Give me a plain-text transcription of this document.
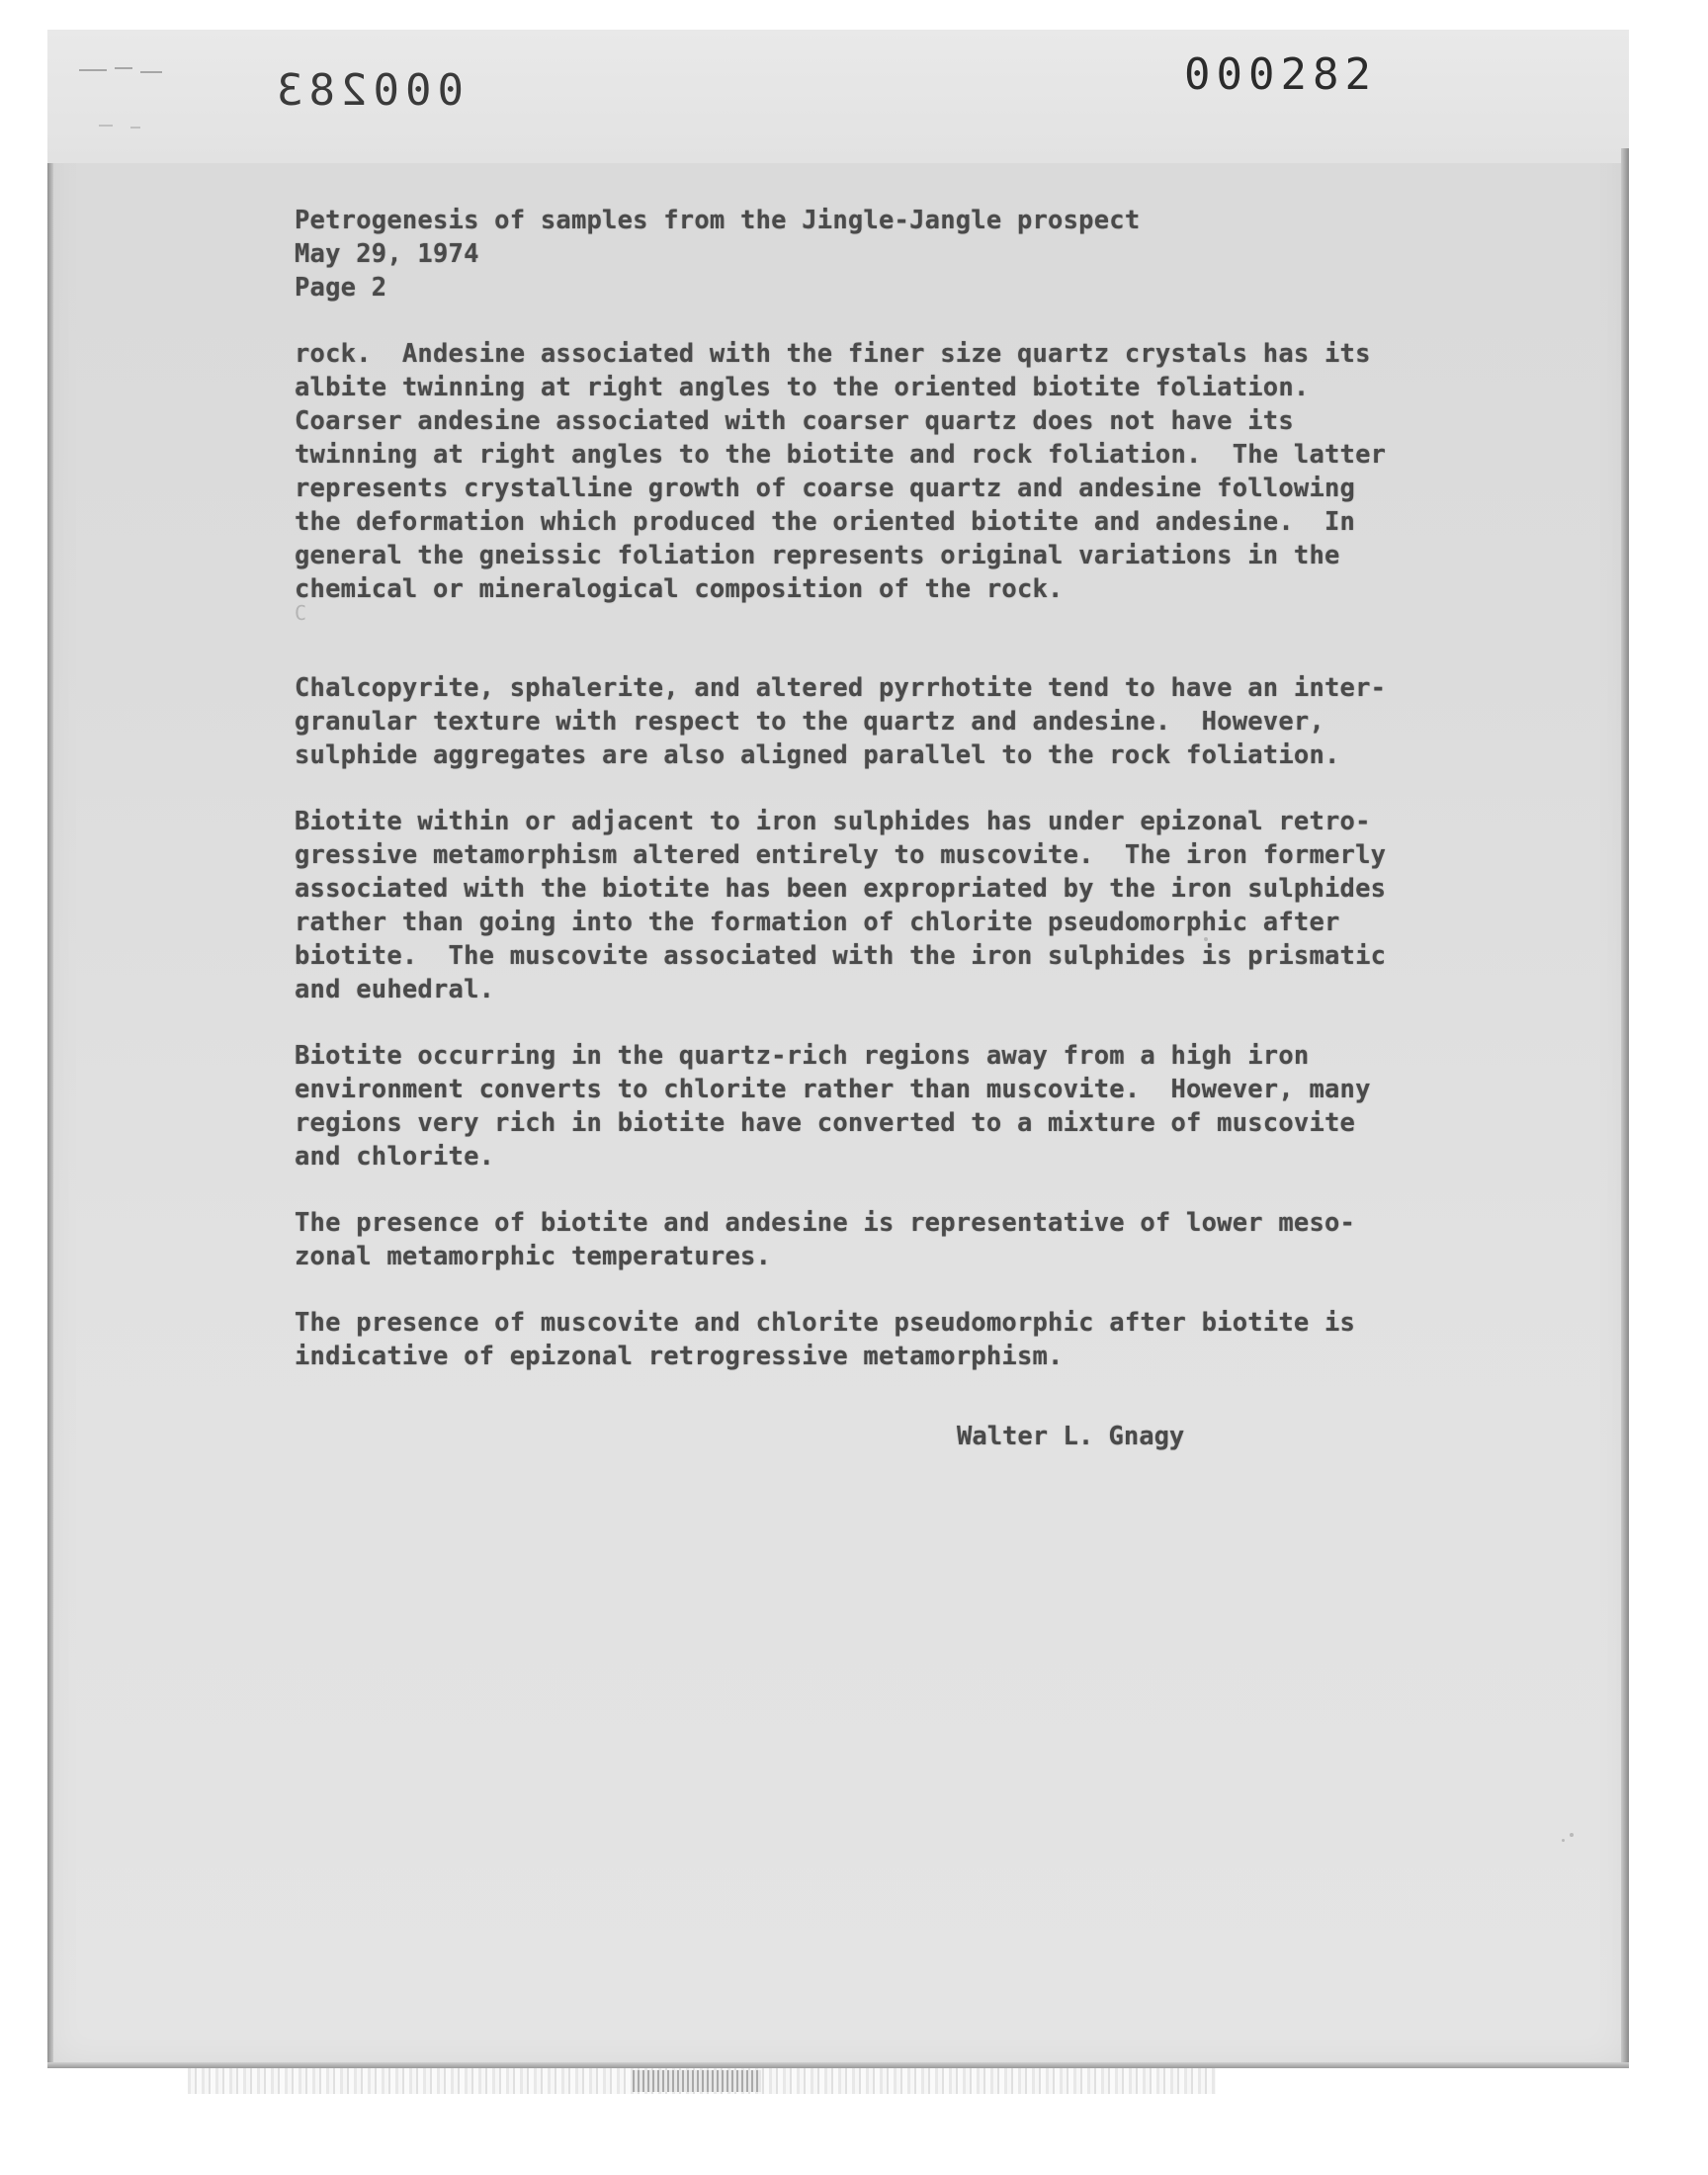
000283	000282
Petrogenesis of samples from the Jingle-Jangle prospect
May 29, 1974
Page 2
rock.  Andesine associated with the finer size quartz crystals has its
albite twinning at right angles to the oriented biotite foliation.
Coarser andesine associated with coarser quartz does not have its
twinning at right angles to the biotite and rock foliation.  The latter
represents crystalline growth of coarse quartz and andesine following
the deformation which produced the oriented biotite and andesine.  In
general the gneissic foliation represents original variations in the
chemical or mineralogical composition of the rock.
Chalcopyrite, sphalerite, and altered pyrrhotite tend to have an inter-
granular texture with respect to the quartz and andesine.  However,
sulphide aggregates are also aligned parallel to the rock foliation.
Biotite within or adjacent to iron sulphides has under epizonal retro-
gressive metamorphism altered entirely to muscovite.  The iron formerly
associated with the biotite has been expropriated by the iron sulphides
rather than going into the formation of chlorite pseudomorphic after
biotite.  The muscovite associated with the iron sulphides is prismatic
and euhedral.
Biotite occurring in the quartz-rich regions away from a high iron
environment converts to chlorite rather than muscovite.  However, many
regions very rich in biotite have converted to a mixture of muscovite
and chlorite.
The presence of biotite and andesine is representative of lower meso-
zonal metamorphic temperatures.
The presence of muscovite and chlorite pseudomorphic after biotite is
indicative of epizonal retrogressive metamorphism.
C
Walter L. Gnagy
